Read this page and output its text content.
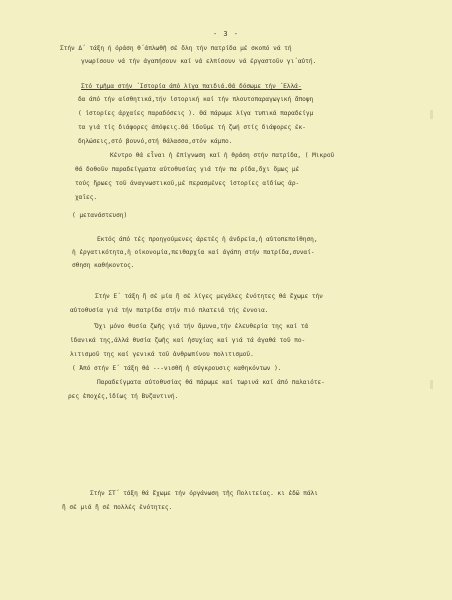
- 3 -
Στήν Δ΄ τάξη ή όράση θ΄άπλωθῆ σέ ὅλη τήν πατρίδα μέ σκοπό νά τή
γνωρίσουν νά τήν άγαπήσουν καί νά ελπίσουν νά έργαστοῦν γι΄αὐτή.
Στό τμῆμα στήν ΄Ιστορία άπό λίγα παιδιά.Θά δόσωμε τήν ΄Ελλά-
δα άπό τήν αἰσθητικά,τήν ἱστορική καί τήν πλουτοπαραγωγική ἄποψη
( ἱστορίες άρχαίες παραδόσεις ). Θά πάρωμε λίγα τυπικά παραδείγμ
τα γιά τίς διάφορες άπόψεις.Θά ἰδοῦμε τή ζωή στίς διάφορες έκ-
δηλώσεις,στό βουνό,στή θάλασσα,στόν κάμπο.
Κέντρο θά εἶναι ἡ ἐπίγνωση καί ἡ θράση στήν πατρίδα, ( Μικροῦ
θά δοθοῦν παραδείγματα αὐτοθυσίας γιά τήν πα ρίδα,ὄχι ὅμως μέ
τούς ἥρωες τοῦ ἀναγνωστικοῦ,μέ περασμένες ἱστορίες αἰδίως ἀρ-
χαῖες.
( μετανάστευση)
Εκτός άπό τές προηγούμενες άρετές ἡ ἀνδρεία,ἡ αὐτοπεποίθηση,
ἡ ἐργατικότητα,ἡ οἰκονομία,πειθαρχία καί άγάπη στήν πατρίδα,συναί-
σθηση καθήκοντος.
Στήν Ε΄ τάξη ἢ σέ μία ἢ σέ λίγες μεγάλες ἑνότητες θά ἔχωμε τήν
αὐτοθυσία γιά τήν πατρίδα στήν πιό πλατειά τής έννοια.
Ὄχι μόνο θυσία ζωῆς γιά τήν ἄμυνα,τήν ἐλευθερία της καί τά
ἰδανικά της,ἀλλά θυσία ζωῆς καί ἡσυχίας καί γιά τά ἀγαθά τοῦ πο-
λιτισμοῦ της καί γενικά τοῦ ἀνθρωπίνου πολιτισμοῦ.
( Ἀπό στήν Ε΄ τάξη θά ---νισθῆ ἡ σύγκρουσις καθηκόντων ).
Παραδείγματα αὐτοθυσίας θά πάρωμε καί τωρινά καί άπό παλαιότε-
ρες ἐποχές,ἰδίως τή Βυζαντινή.
Στήν ΣΤ΄ τάξη θά ἔχωμε τήν όργάνωση τῆς Πολιτείας. κι ἐδῶ πάλι
ἢ σέ μιά ἢ σέ πολλές ἑνότητες.
